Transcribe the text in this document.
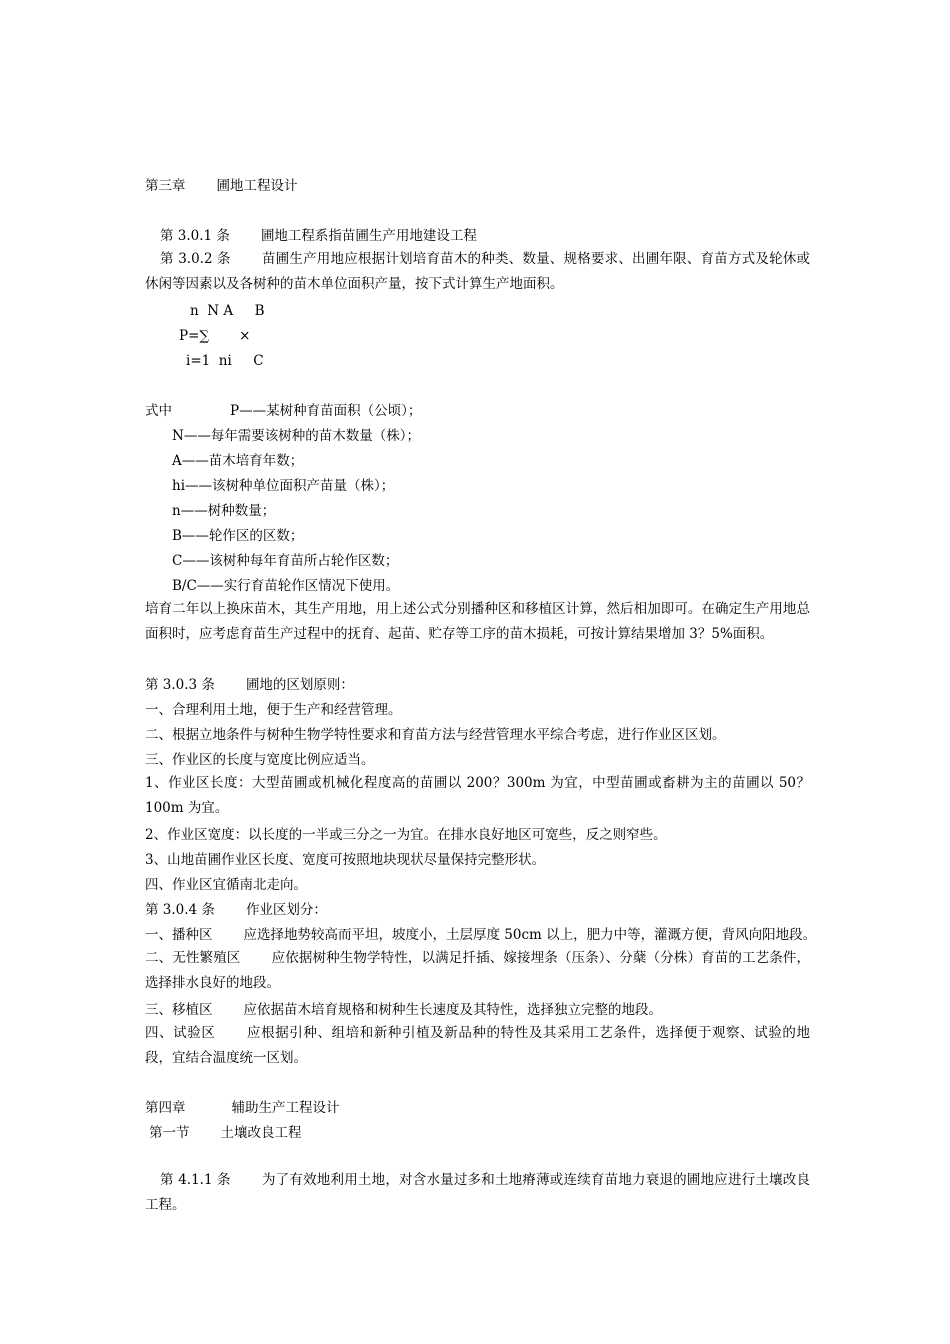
第三章 圃地工程设计
第 3.0.1 条 圃地工程系指苗圃生产用地建设工程
第 3.0.2 条 苗圃生产用地应根据计划培育苗木的种类、数量、规格要求、出圃年限、育苗方式及轮休或休闲等因素以及各树种的苗木单位面积产量，按下式计算生产地面积。
n  N A     B
P=∑       ×
i=1  ni     C
式中	P——某树种育苗面积（公顷）；
N——每年需要该树种的苗木数量（株）；
A——苗木培育年数；
hi——该树种单位面积产苗量（株）；
n——树种数量；
B——轮作区的区数；
C——该树种每年育苗所占轮作区数；
B/C——实行育苗轮作区情况下使用。
培育二年以上换床苗木，其生产用地，用上述公式分别播种区和移植区计算，然后相加即可。在确定生产用地总面积时，应考虑育苗生产过程中的抚育、起苗、贮存等工序的苗木损耗，可按计算结果增加 3？5%面积。
第 3.0.3 条 圃地的区划原则：
一、合理利用土地，便于生产和经营管理。
二、根据立地条件与树种生物学特性要求和育苗方法与经营管理水平综合考虑，进行作业区区划。
三、作业区的长度与宽度比例应适当。
1、作业区长度：大型苗圃或机械化程度高的苗圃以 200？300m 为宜，中型苗圃或畜耕为主的苗圃以 50？100m 为宜。
2、作业区宽度：以长度的一半或三分之一为宜。在排水良好地区可宽些，反之则窄些。
3、山地苗圃作业区长度、宽度可按照地块现状尽量保持完整形状。
四、作业区宜循南北走向。
第 3.0.4 条 作业区划分：
一、播种区 应选择地势较高而平坦，坡度小，土层厚度 50cm 以上，肥力中等，灌溉方便，背风向阳地段。
二、无性繁殖区 应依据树种生物学特性，以满足扦插、嫁接埋条（压条）、分蘖（分株）育苗的工艺条件，选择排水良好的地段。
三、移植区 应依据苗木培育规格和树种生长速度及其特性，选择独立完整的地段。
四、试验区 应根据引种、组培和新种引植及新品种的特性及其采用工艺条件，选择便于观察、试验的地段，宜结合温度统一区划。
第四章	辅助生产工程设计
第一节 土壤改良工程
第 4.1.1 条 为了有效地利用土地，对含水量过多和土地瘠薄或连续育苗地力衰退的圃地应进行土壤改良工程。
